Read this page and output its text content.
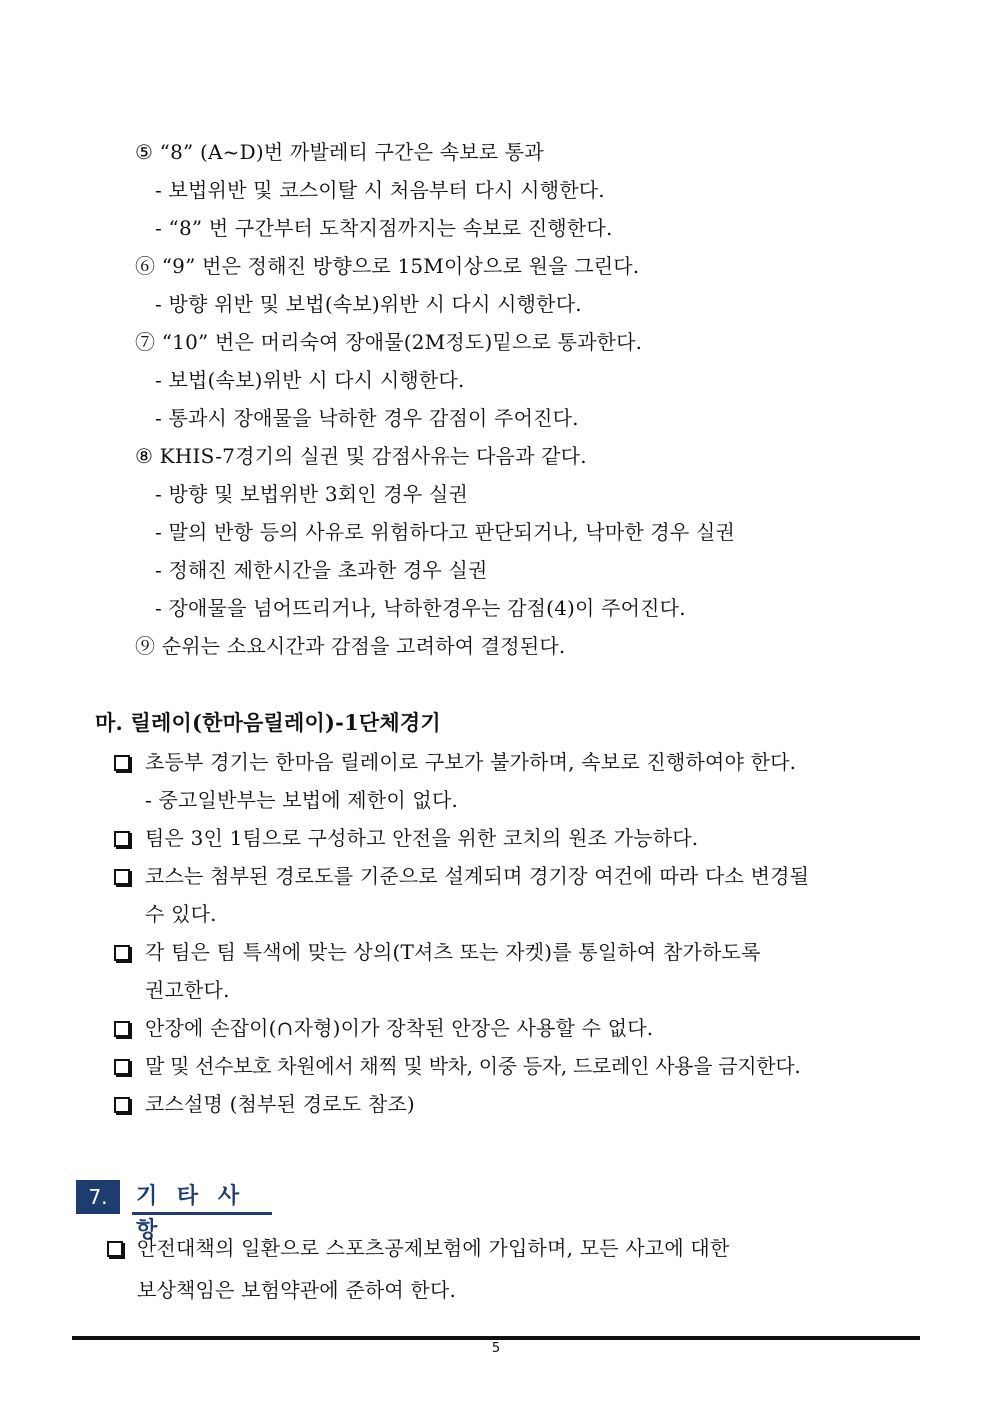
⑤ “8” (A~D)번 까발레티 구간은 속보로 통과
- 보법위반 및 코스이탈 시 처음부터 다시 시행한다.
- “8” 번 구간부터 도착지점까지는 속보로 진행한다.
⑥ “9” 번은 정해진 방향으로 15M이상으로 원을 그린다.
- 방향 위반 및 보법(속보)위반 시 다시 시행한다.
⑦ “10” 번은 머리숙여 장애물(2M정도)밑으로 통과한다.
- 보법(속보)위반 시 다시 시행한다.
- 통과시 장애물을 낙하한 경우 감점이 주어진다.
⑧ KHIS-7경기의 실권 및 감점사유는 다음과 같다.
- 방향 및 보법위반 3회인 경우 실권
- 말의 반항 등의 사유로 위험하다고 판단되거나, 낙마한 경우 실권
- 정해진 제한시간을 초과한 경우 실권
- 장애물을 넘어뜨리거나, 낙하한경우는 감점(4)이 주어진다.
⑨ 순위는 소요시간과 감점을 고려하여 결정된다.
마. 릴레이(한마음릴레이)-1단체경기
초등부 경기는 한마음 릴레이로 구보가 불가하며, 속보로 진행하여야 한다.
- 중고일반부는 보법에 제한이 없다.
팀은 3인 1팀으로 구성하고 안전을 위한 코치의 원조 가능하다.
코스는 첨부된 경로도를 기준으로 설계되며 경기장 여건에 따라 다소 변경될
수 있다.
각 팀은 팀 특색에 맞는 상의(T셔츠 또는 자켓)를 통일하여 참가하도록
권고한다.
안장에 손잡이(∩자형)이가 장착된 안장은 사용할 수 없다.
말 및 선수보호 차원에서 채찍 및 박차, 이중 등자, 드로레인 사용을 금지한다.
코스설명 (첨부된 경로도 참조)
7.	기 타 사 항
안전대책의 일환으로 스포츠공제보험에 가입하며, 모든 사고에 대한
보상책임은 보험약관에 준하여 한다.
5
